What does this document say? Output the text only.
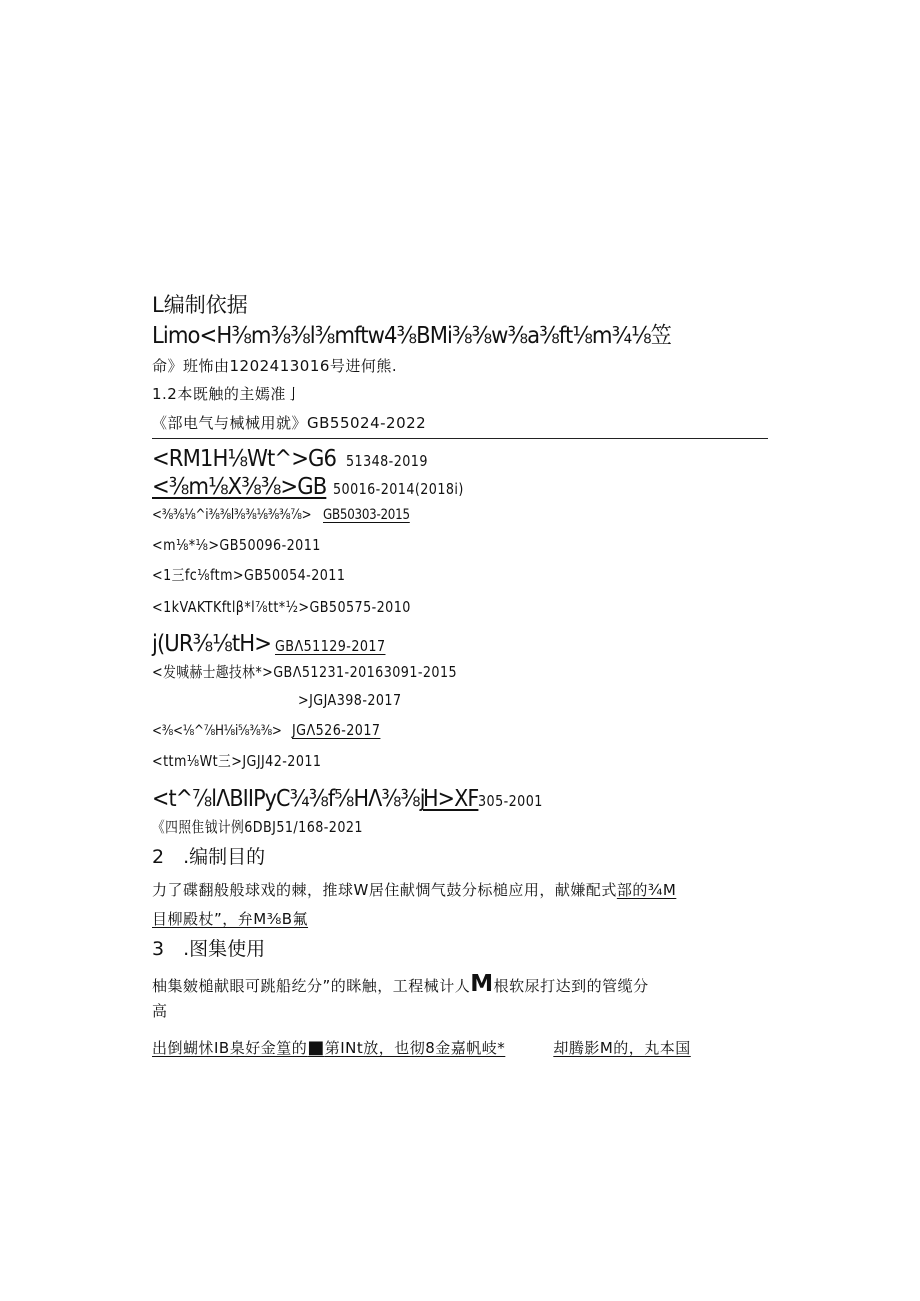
L编制依据
Limo<H⅜m⅜⅜l⅜mftw4⅜BMi⅜⅜w⅜a⅜ft⅛m¾⅛笠
命》班怖由1202413016号进何熊.
1.2本既触的主嫣准亅
《部电气与械械用就》GB55024-2022
<RM1H⅛Wt^>G6 51348-2019
<⅜m⅛X⅜⅜>GB 50016-2014(2018i)
<⅜⅜⅛^i⅜⅜l⅜⅜⅛⅜⅜⅞> GB50303-2015
<m⅛*⅛>GB50096-2011
<1三fc⅛ftm>GB50054-2011
<1kVAKTKftlβ*l⅞tt*½>GB50575-2010
j(UR⅜⅛tH> GBΛ51129-2017
<发喊赫士趣技林*>GBΛ51231-20163091-2015
>JGJA398-2017
<⅜<⅛^⅞H⅛i⅝⅜⅜> JGΛ526-2017
<ttm⅛Wt三>JGJJ42-2011
<t^⅞lΛBIIPyC¾⅜f⅝HΛ⅜⅜jH>XF305-2001
《四照隹钺计例6DBJ51/168-2021
2　.编制目的
力了碟翻般般球戏的棘，推球W居住献惆气鼓分标槌应用，献嫌配式部的¾M
目柳殿杖”，弁M⅜B氟
3　.图集使用
柚集皴槌献眼可跳船纥分”的眯触，工程械计人M根软尿打达到的管缆分
高
出倒蝴怵IB臬好金篁的■第INt放，也彻8金嘉帆岐*	却腾影M的，丸本国
